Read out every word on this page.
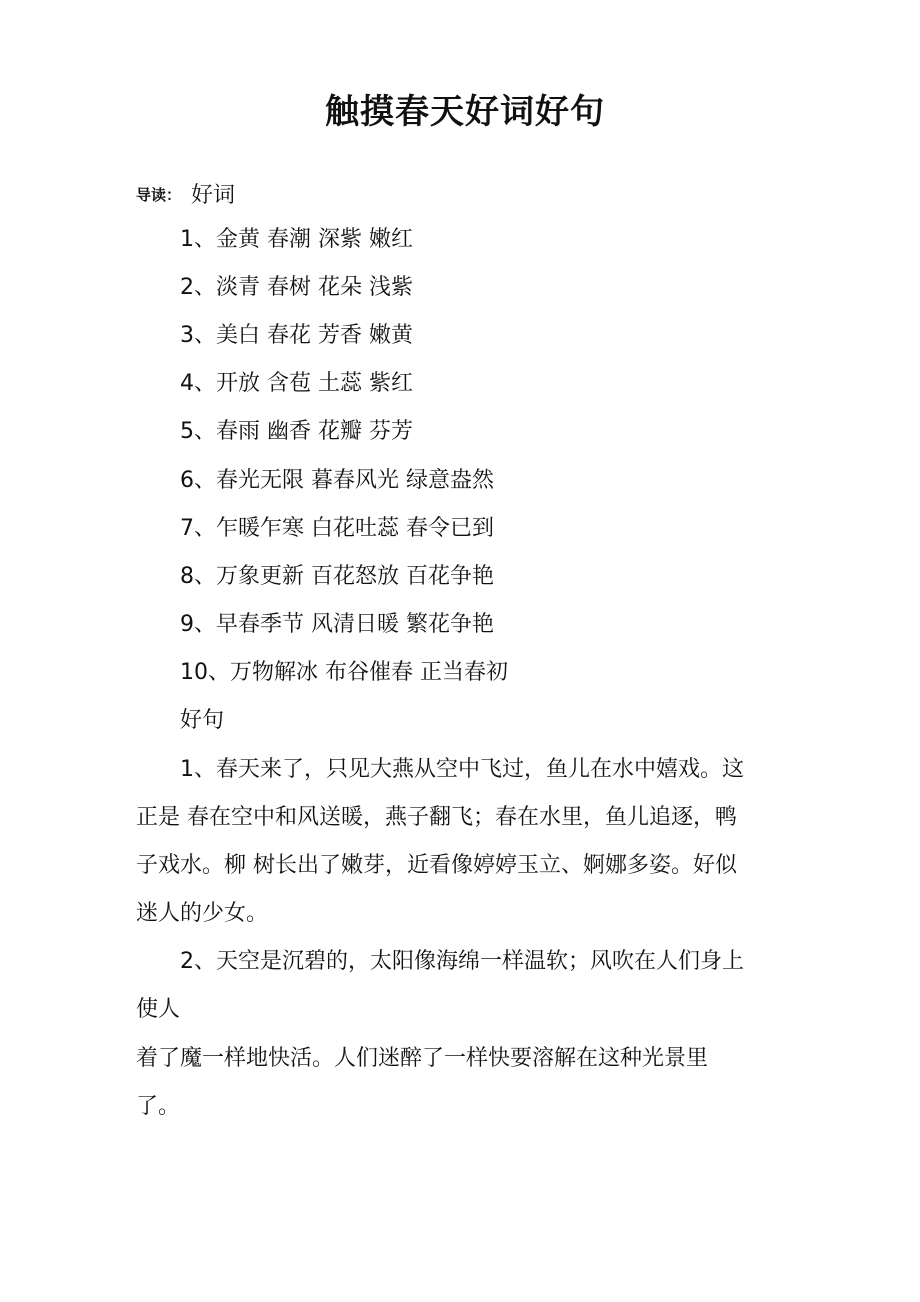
触摸春天好词好句
导读： 好词
1、金黄 春潮 深紫 嫩红
2、淡青 春树 花朵 浅紫
3、美白 春花 芳香 嫩黄
4、开放 含苞 土蕊 紫红
5、春雨 幽香 花瓣 芬芳
6、春光无限 暮春风光 绿意盎然
7、乍暖乍寒 白花吐蕊 春令已到
8、万象更新 百花怒放 百花争艳
9、早春季节 风清日暖 繁花争艳
10、万物解冰 布谷催春 正当春初
好句
1、春天来了，只见大燕从空中飞过，鱼儿在水中嬉戏。这
正是 春在空中和风送暖，燕子翻飞；春在水里，鱼儿追逐，鸭
子戏水。柳 树长出了嫩芽，近看像婷婷玉立、婀娜多姿。好似
迷人的少女。
2、天空是沉碧的，太阳像海绵一样温软；风吹在人们身上
使人
着了魔一样地快活。人们迷醉了一样快要溶解在这种光景里
了。
